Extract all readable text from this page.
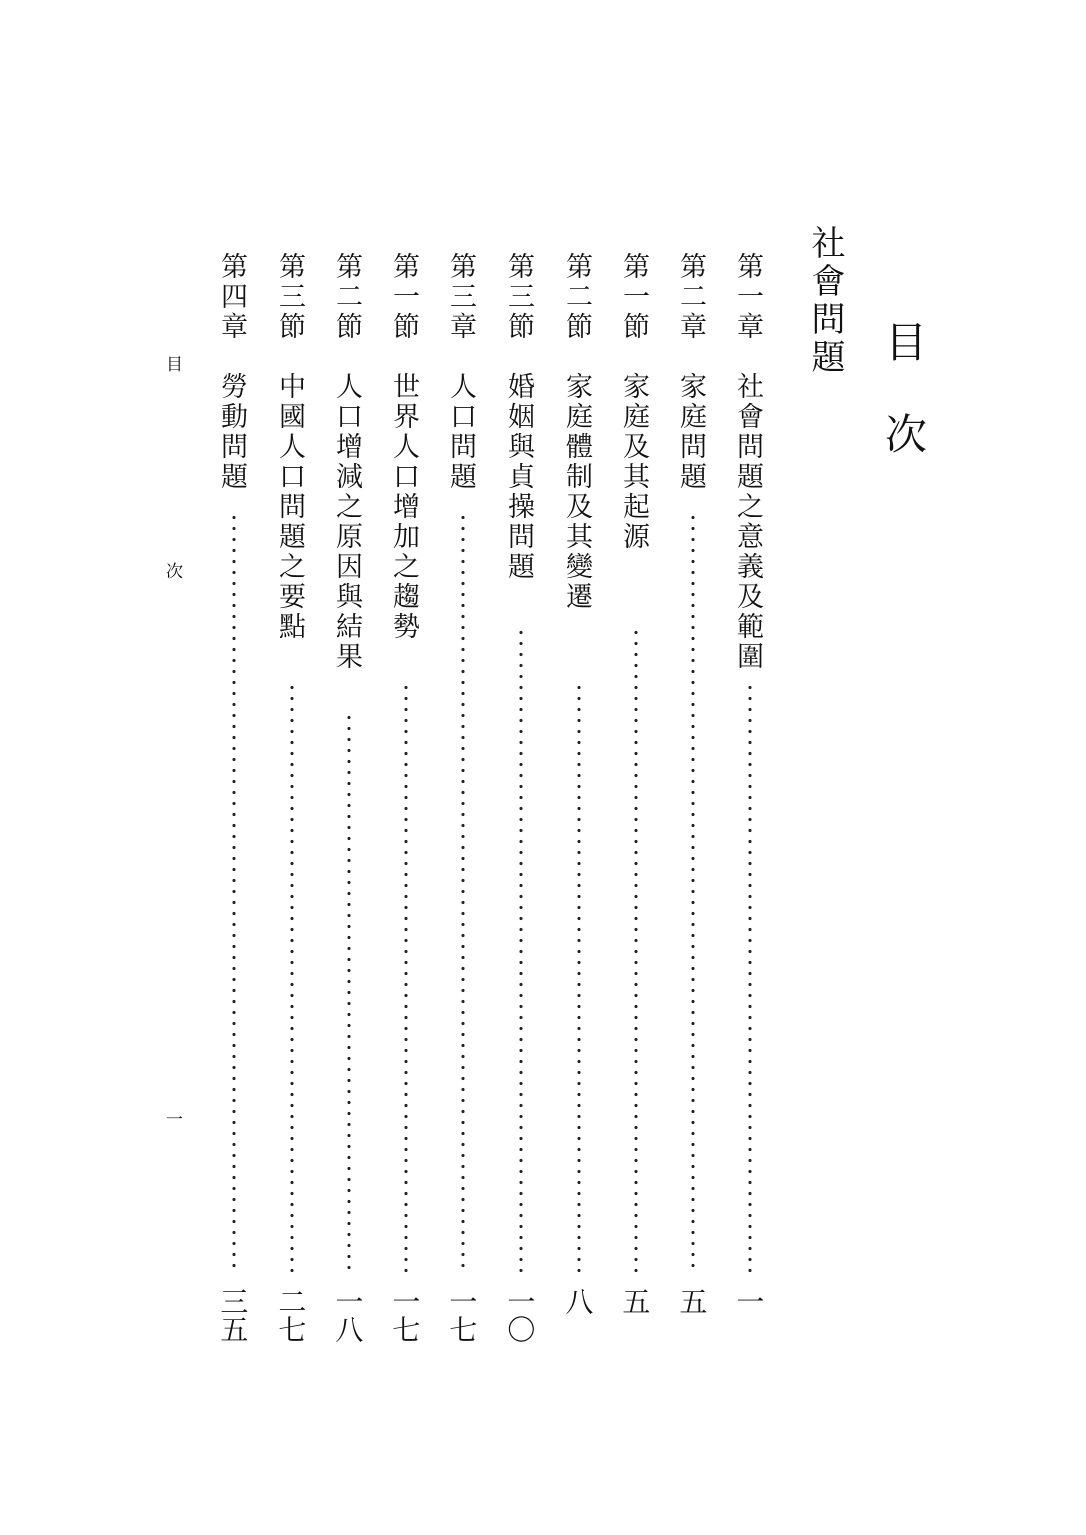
目次
社會問題
第一章　社會問題之意義及範圍
一
第二章　家庭問題
五
第一節　家庭及其起源
五
第二節　家庭體制及其變遷
八
第三節　婚姻與貞操問題
一〇
第三章　人口問題
一七
第一節　世界人口增加之趨勢
一七
第二節　人口增減之原因與結果
一八
第三節　中國人口問題之要點
二七
第四章　勞動問題
三五
目次
一
